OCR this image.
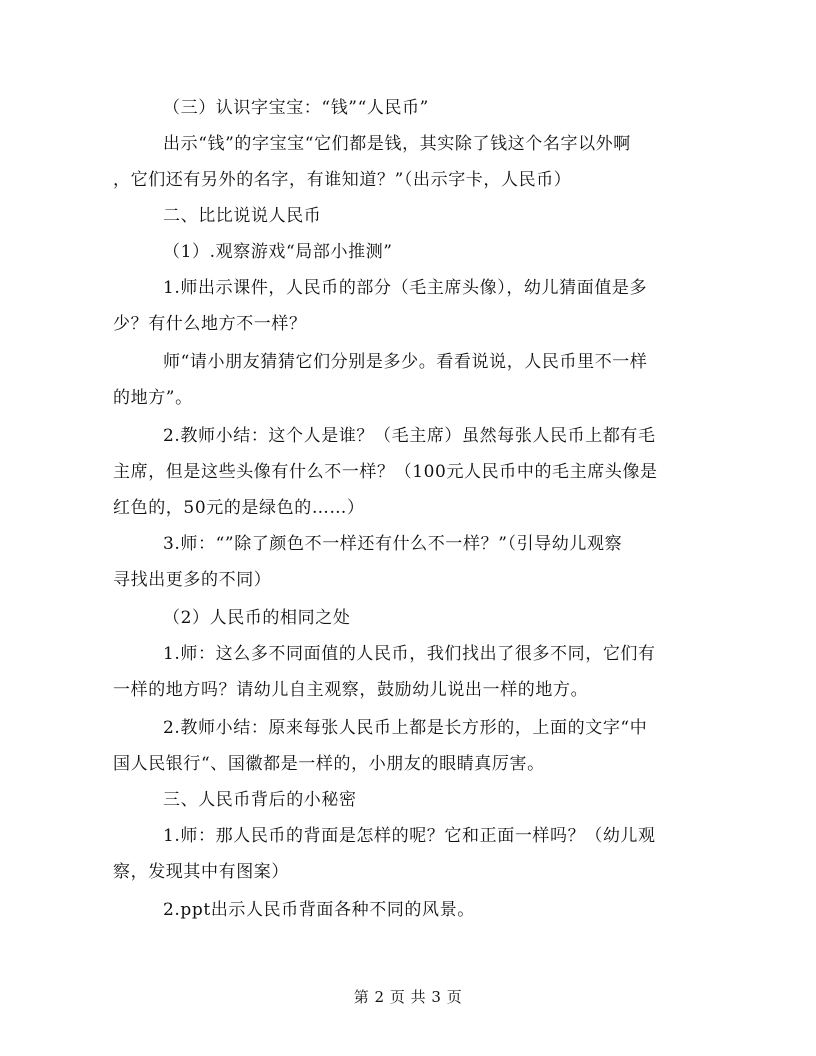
（三）认识字宝宝：“钱”“人民币”
出示“钱”的字宝宝“它们都是钱，其实除了钱这个名字以外啊
，它们还有另外的名字，有谁知道？”（出示字卡，人民币）
二、比比说说人民币
（1）.观察游戏“局部小推测”
1.师出示课件，人民币的部分（毛主席头像），幼儿猜面值是多
少？有什么地方不一样？
师“请小朋友猜猜它们分别是多少。看看说说，人民币里不一样
的地方”。
2.教师小结：这个人是谁？（毛主席）虽然每张人民币上都有毛
主席，但是这些头像有什么不一样？（100元人民币中的毛主席头像是
红色的，50元的是绿色的……）
3.师：“”除了颜色不一样还有什么不一样？”（引导幼儿观察
寻找出更多的不同）
（2）人民币的相同之处
1.师：这么多不同面值的人民币，我们找出了很多不同，它们有
一样的地方吗？请幼儿自主观察，鼓励幼儿说出一样的地方。
2.教师小结：原来每张人民币上都是长方形的，上面的文字“中
国人民银行“、国徽都是一样的，小朋友的眼睛真厉害。
三、人民币背后的小秘密
1.师：那人民币的背面是怎样的呢？它和正面一样吗？（幼儿观
察，发现其中有图案）
2.ppt出示人民币背面各种不同的风景。
第 2 页 共 3 页
